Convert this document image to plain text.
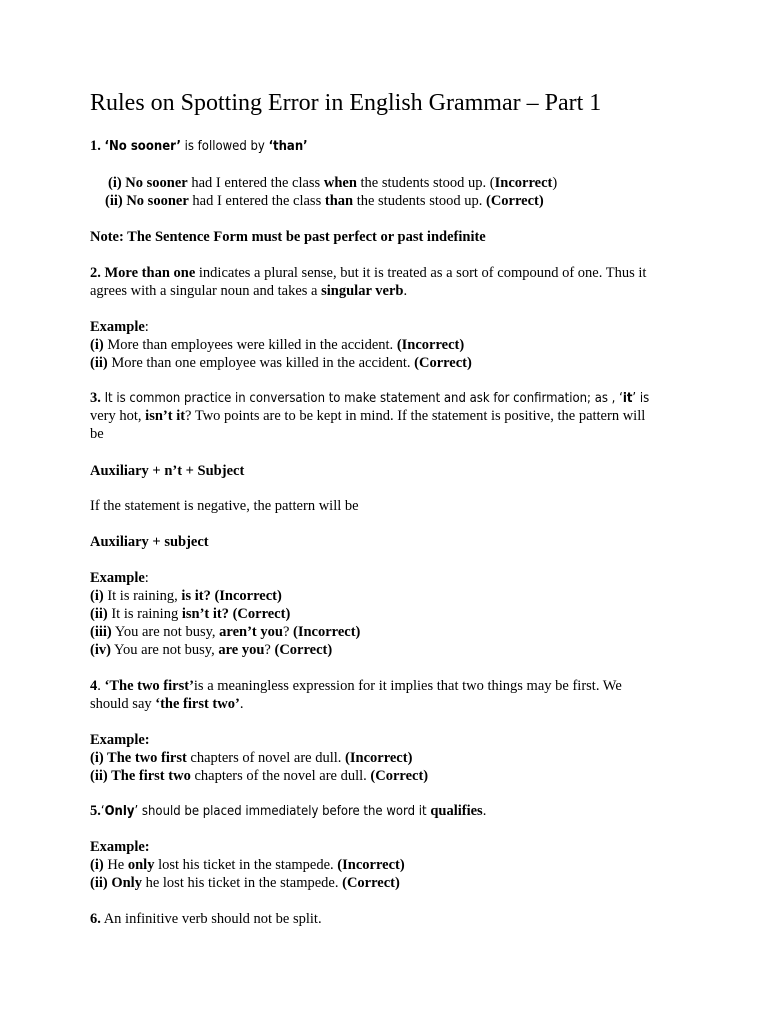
Rules on Spotting Error in English Grammar – Part 1

1. ‘No sooner’ is followed by ‘than’

(i) No sooner had I entered the class when the students stood up. (Incorrect)

(ii) No sooner had I entered the class than the students stood up. (Correct)

Note: The Sentence Form must be past perfect or past indefinite

2. More than one indicates a plural sense, but it is treated as a sort of compound of one. Thus it

agrees with a singular noun and takes a singular verb.

Example:

(i) More than employees were killed in the accident. (Incorrect)

(ii) More than one employee was killed in the accident. (Correct)

3. It is common practice in conversation to make statement and ask for confirmation; as , ‘it’ is

very hot, isn’t it? Two points are to be kept in mind. If the statement is positive, the pattern will

be

Auxiliary + n’t + Subject

If the statement is negative, the pattern will be

Auxiliary + subject

Example:

(i) It is raining, is it? (Incorrect)

(ii) It is raining isn’t it? (Correct)

(iii) You are not busy, aren’t you? (Incorrect)

(iv) You are not busy, are you? (Correct)

4. ‘The two first’is a meaningless expression for it implies that two things may be first. We

should say ‘the first two’.

Example:

(i) The two first chapters of novel are dull. (Incorrect)

(ii) The first two chapters of the novel are dull. (Correct)

5.‘Only’ should be placed immediately before the word it qualifies.

Example:

(i) He only lost his ticket in the stampede. (Incorrect)

(ii) Only he lost his ticket in the stampede. (Correct)

6. An infinitive verb should not be split.
